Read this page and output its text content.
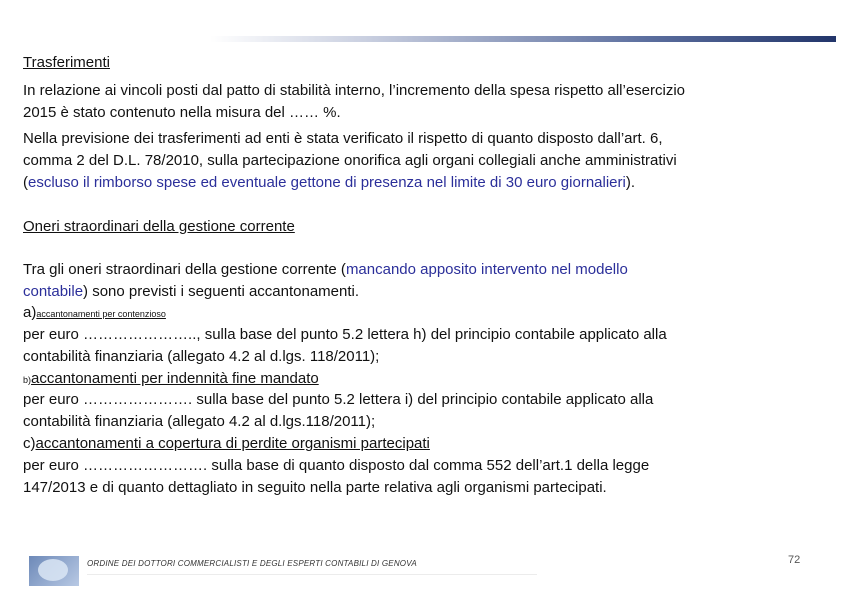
Trasferimenti
In relazione ai vincoli posti dal patto di stabilità interno, l’incremento della spesa rispetto all’esercizio
2015 è stato contenuto nella misura del …… %.
Nella previsione dei trasferimenti ad enti è stata verificato il rispetto di quanto disposto dall’art. 6,
comma 2 del D.L. 78/2010, sulla partecipazione onorifica agli organi collegiali anche amministrativi
(escluso il rimborso spese ed eventuale gettone di presenza nel limite di 30 euro giornalieri).
Oneri straordinari della gestione corrente
Tra gli oneri straordinari della gestione corrente (mancando apposito intervento nel modello
contabile) sono previsti i seguenti accantonamenti.
a)accantonamenti per contenzioso
per euro ………………….., sulla base del punto 5.2 lettera h) del principio contabile applicato alla
contabilità finanziaria (allegato 4.2 al d.lgs. 118/2011);
b)accantonamenti per indennità fine mandato
per euro …………………. sulla base del punto 5.2 lettera i) del principio contabile applicato alla
contabilità finanziaria (allegato 4.2 al d.lgs.118/2011);
c)accantonamenti a copertura di perdite organismi partecipati
per euro ……………………. sulla base di quanto disposto dal comma 552 dell’art.1 della legge
147/2013 e di quanto dettagliato in seguito nella parte relativa agli organismi partecipati.
ORDINE DEI DOTTORI COMMERCIALISTI E DEGLI ESPERTI CONTABILI DI GENOVA	72
